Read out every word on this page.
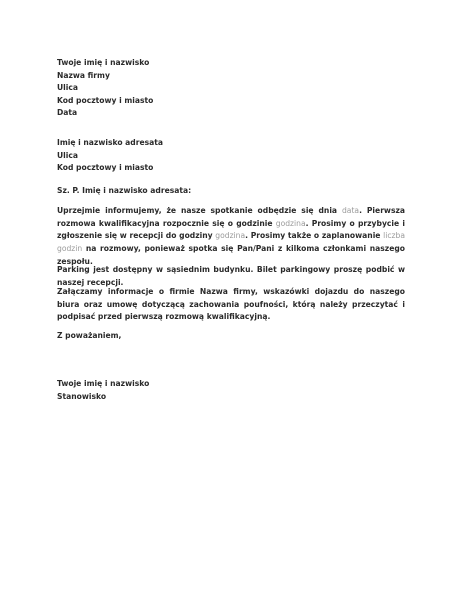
Twoje imię i nazwisko
Nazwa firmy
Ulica
Kod pocztowy i miasto
Data
Imię i nazwisko adresata
Ulica
Kod pocztowy i miasto
Sz. P. Imię i nazwisko adresata:
Uprzejmie informujemy, że nasze spotkanie odbędzie się dnia data. Pierwsza rozmowa kwalifikacyjna rozpocznie się o godzinie godzina. Prosimy o przybycie i zgłoszenie się w recepcji do godziny godzina. Prosimy także o zaplanowanie liczba godzin na rozmowy, ponieważ spotka się Pan/Pani z kilkoma członkami naszego zespołu.
Parking jest dostępny w sąsiednim budynku. Bilet parkingowy proszę podbić w naszej recepcji.
Załączamy informacje o firmie Nazwa firmy, wskazówki dojazdu do naszego biura oraz umowę dotyczącą zachowania poufności, którą należy przeczytać i podpisać przed pierwszą rozmową kwalifikacyjną.
Z poważaniem,
Twoje imię i nazwisko
Stanowisko
